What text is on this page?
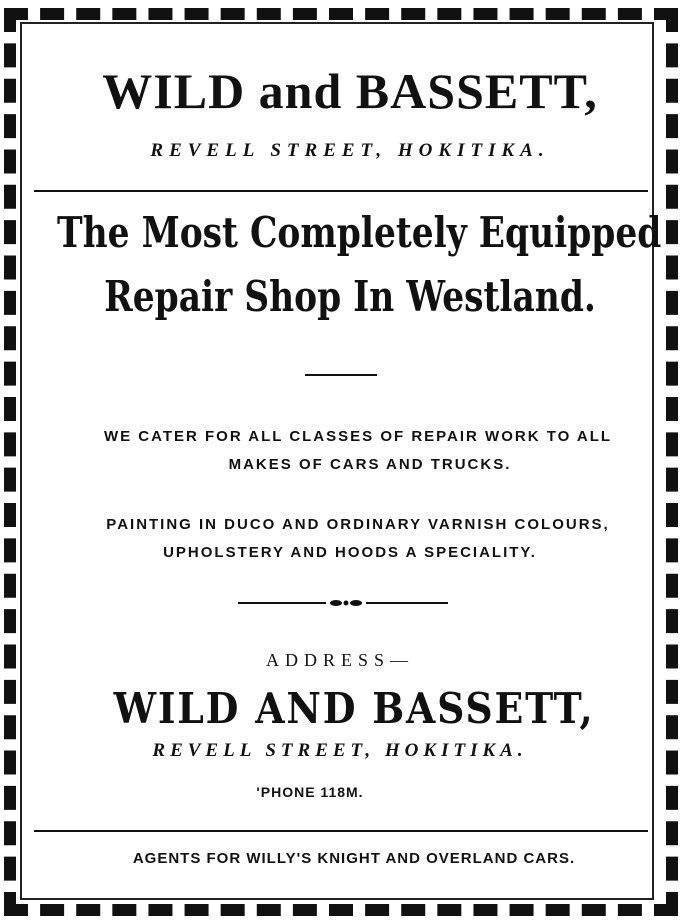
WILD and BASSETT,
REVELL STREET, HOKITIKA.
The Most Completely Equipped
Repair Shop In Westland.
WE CATER FOR ALL CLASSES OF REPAIR WORK TO ALL
MAKES OF CARS AND TRUCKS.
PAINTING IN DUCO AND ORDINARY VARNISH COLOURS,
UPHOLSTERY AND HOODS A SPECIALITY.
ADDRESS—
WILD AND BASSETT,
REVELL STREET, HOKITIKA.
'PHONE 118M.
AGENTS FOR WILLY'S KNIGHT AND OVERLAND CARS.
